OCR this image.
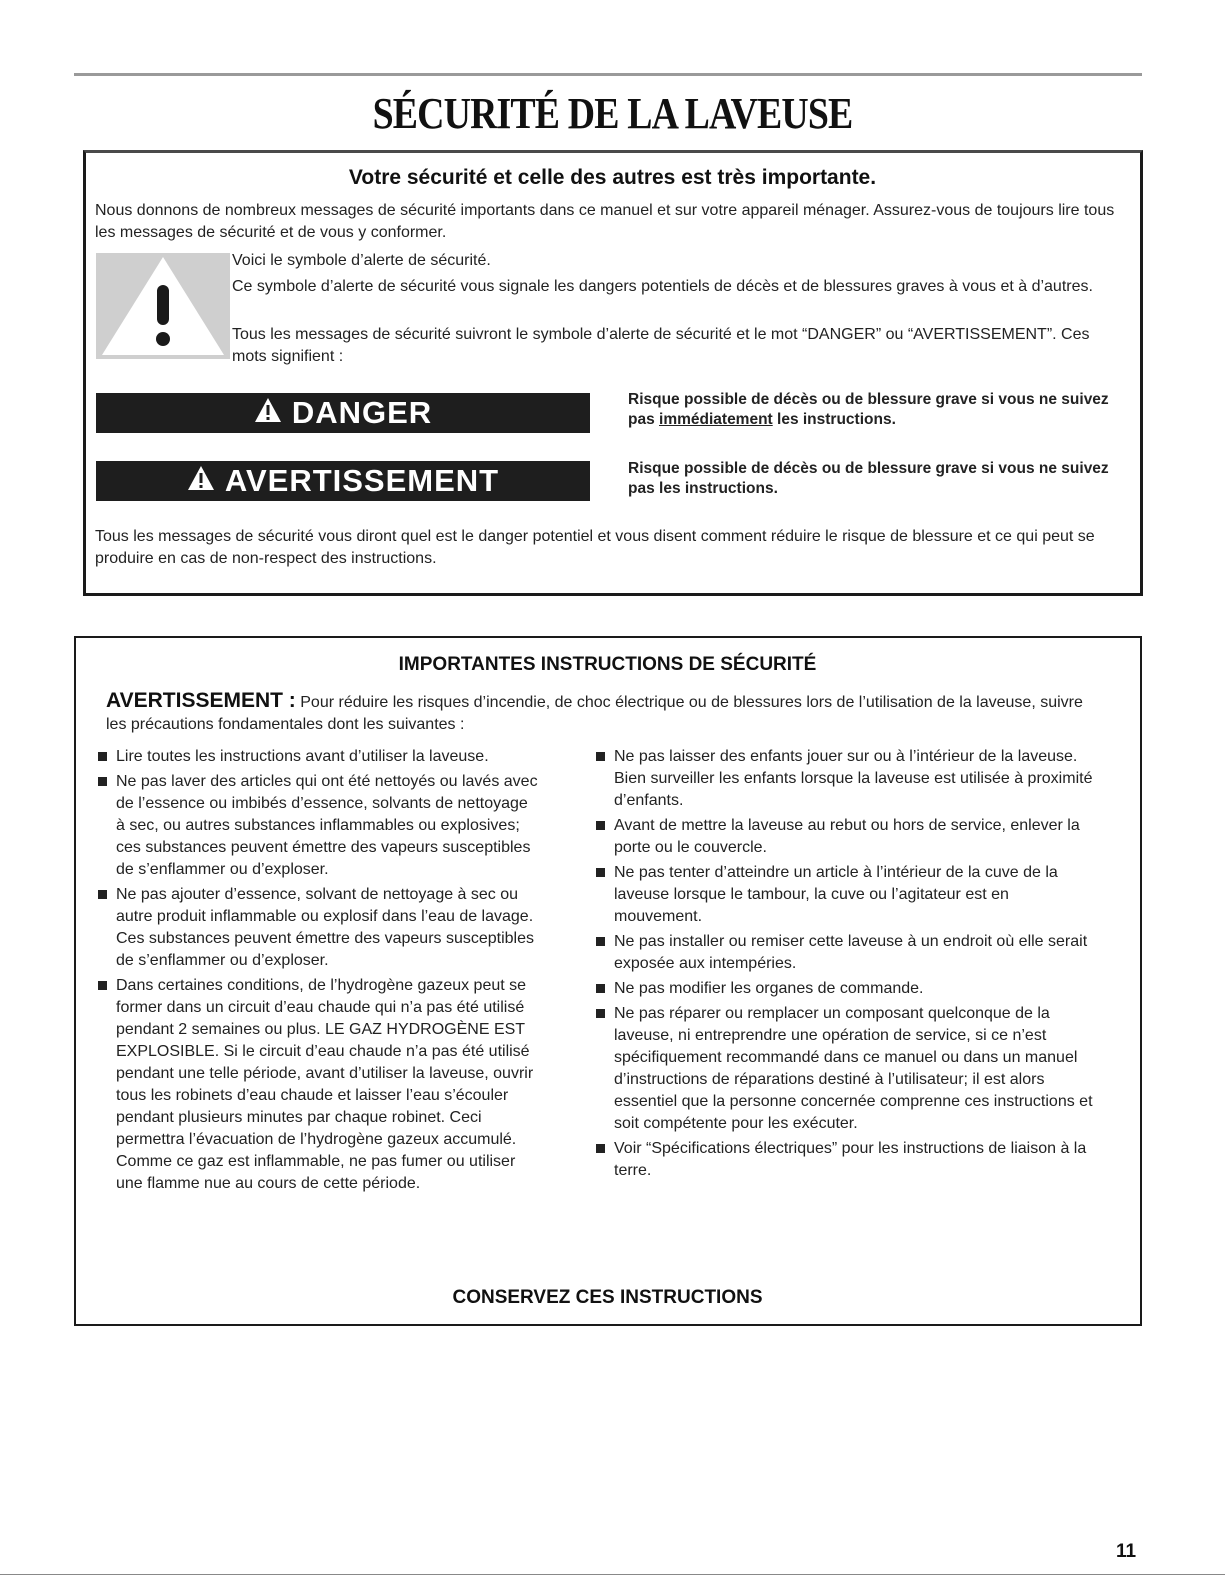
SÉCURITÉ DE LA LAVEUSE
Votre sécurité et celle des autres est très importante.
Nous donnons de nombreux messages de sécurité importants dans ce manuel et sur votre appareil ménager. Assurez-vous de toujours lire tous les messages de sécurité et de vous y conformer.
Voici le symbole d’alerte de sécurité.
Ce symbole d’alerte de sécurité vous signale les dangers potentiels de décès et de blessures graves à vous et à d’autres.
Tous les messages de sécurité suivront le symbole d’alerte de sécurité et le mot “DANGER” ou “AVERTISSEMENT”. Ces mots signifient :
DANGER	Risque possible de décès ou de blessure grave si vous ne suivez pas immédiatement les instructions.
AVERTISSEMENT	Risque possible de décès ou de blessure grave si vous ne suivez pas les instructions.
Tous les messages de sécurité vous diront quel est le danger potentiel et vous disent comment réduire le risque de blessure et ce qui peut se produire en cas de non-respect des instructions.
IMPORTANTES INSTRUCTIONS DE SÉCURITÉ
AVERTISSEMENT : Pour réduire les risques d’incendie, de choc électrique ou de blessures lors de l’utilisation de la laveuse, suivre les précautions fondamentales dont les suivantes :
Lire toutes les instructions avant d’utiliser la laveuse.
Ne pas laver des articles qui ont été nettoyés ou lavés avec de l’essence ou imbibés d’essence, solvants de nettoyage à sec, ou autres substances inflammables ou explosives; ces substances peuvent émettre des vapeurs susceptibles de s’enflammer ou d’exploser.
Ne pas ajouter d’essence, solvant de nettoyage à sec ou autre produit inflammable ou explosif dans l’eau de lavage. Ces substances peuvent émettre des vapeurs susceptibles de s’enflammer ou d’exploser.
Dans certaines conditions, de l’hydrogène gazeux peut se former dans un circuit d’eau chaude qui n’a pas été utilisé pendant 2 semaines ou plus. LE GAZ HYDROGÈNE EST EXPLOSIBLE. Si le circuit d’eau chaude n’a pas été utilisé pendant une telle période, avant d’utiliser la laveuse, ouvrir tous les robinets d’eau chaude et laisser l’eau s’écouler pendant plusieurs minutes par chaque robinet. Ceci permettra l’évacuation de l’hydrogène gazeux accumulé. Comme ce gaz est inflammable, ne pas fumer ou utiliser une flamme nue au cours de cette période.
Ne pas laisser des enfants jouer sur ou à l’intérieur de la laveuse. Bien surveiller les enfants lorsque la laveuse est utilisée à proximité d’enfants.
Avant de mettre la laveuse au rebut ou hors de service, enlever la porte ou le couvercle.
Ne pas tenter d’atteindre un article à l’intérieur de la cuve de la laveuse lorsque le tambour, la cuve ou l’agitateur est en mouvement.
Ne pas installer ou remiser cette laveuse à un endroit où elle serait exposée aux intempéries.
Ne pas modifier les organes de commande.
Ne pas réparer ou remplacer un composant quelconque de la laveuse, ni entreprendre une opération de service, si ce n’est spécifiquement recommandé dans ce manuel ou dans un manuel d’instructions de réparations destiné à l’utilisateur; il est alors essentiel que la personne concernée comprenne ces instructions et soit compétente pour les exécuter.
Voir “Spécifications électriques” pour les instructions de liaison à la terre.
CONSERVEZ CES INSTRUCTIONS
11
